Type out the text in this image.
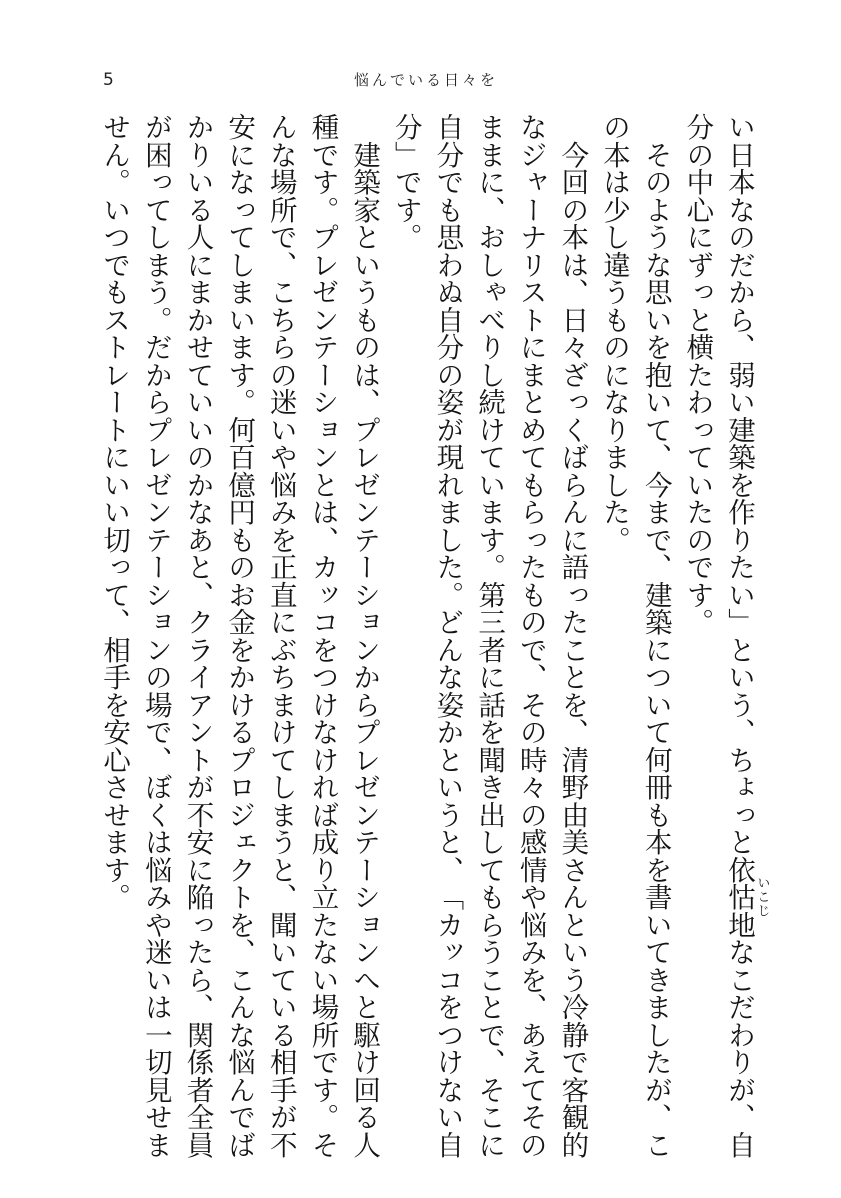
5	悩んでいる日々を
い日本なのだから、弱い建築を作りたい」という、ちょっと依怙地なこだわりが、自
いこじ
分の中心にずっと横たわっていたのです。
　そのような思いを抱いて、今まで、建築について何冊も本を書いてきましたが、こ
の本は少し違うものになりました。
　今回の本は、日々ざっくばらんに語ったことを、清野由美さんという冷静で客観的
なジャーナリストにまとめてもらったもので、その時々の感情や悩みを、あえてその
ままに、おしゃべりし続けています。第三者に話を聞き出してもらうことで、そこに
自分でも思わぬ自分の姿が現れました。どんな姿かというと、「カッコをつけない自
分」です。
　建築家というものは、プレゼンテーションからプレゼンテーションへと駆け回る人
種です。プレゼンテーションとは、カッコをつけなければ成り立たない場所です。そ
んな場所で、こちらの迷いや悩みを正直にぶちまけてしまうと、聞いている相手が不
安になってしまいます。何百億円ものお金をかけるプロジェクトを、こんな悩んでば
かりいる人にまかせていいのかなあと、クライアントが不安に陥ったら、関係者全員
が困ってしまう。だからプレゼンテーションの場で、ぼくは悩みや迷いは一切見せま
せん。いつでもストレートにいい切って、相手を安心させます。
